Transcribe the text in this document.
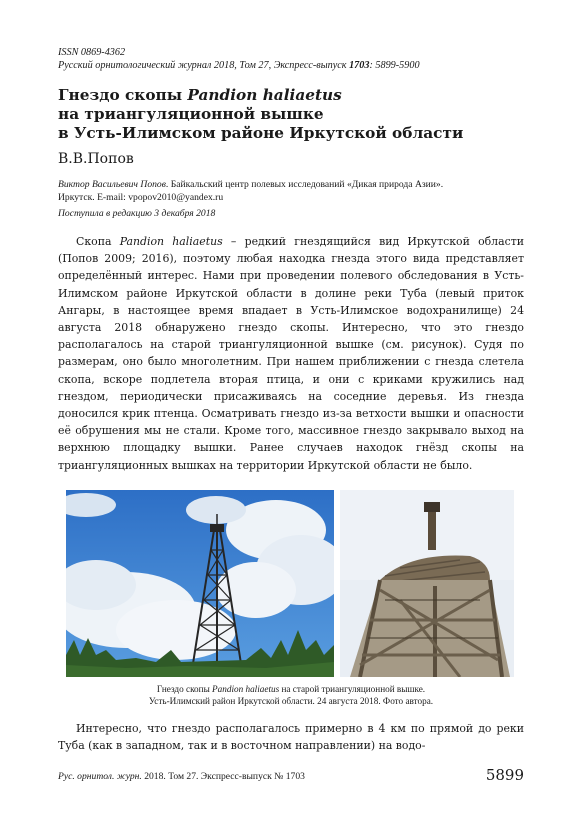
ISSN 0869-4362
Русский орнитологический журнал 2018, Том 27, Экспресс-выпуск 1703: 5899-5900
Гнездо скопы Pandion haliaetus
на триангуляционной вышке
в Усть-Илимском районе Иркутской области
В.В.Попов
Виктор Васильевич Попов. Байкальский центр полевых исследований «Дикая природа Азии».
Иркутск. E-mail: vpopov2010@yandex.ru
Поступила в редакцию 3 декабря 2018

Скопа Pandion haliaetus – редкий гнездящийся вид Иркутской области (Попов 2009; 2016), поэтому любая находка гнезда этого вида представляет определённый интерес. Нами при проведении полевого обследования в Усть-Илимском районе Иркутской области в долине реки Туба (левый приток Ангары, в настоящее время впадает в Усть-Илимское водохранилище) 24 августа 2018 обнаружено гнездо скопы. Интересно, что это гнездо располагалось на старой триангуляционной вышке (см. рисунок). Судя по размерам, оно было многолетним. При нашем приближении с гнезда слетела скопа, вскоре подлетела вторая птица, и они с криками кружились над гнездом, периодически присаживаясь на соседние деревья. Из гнезда доносился крик птенца. Осматривать гнездо из-за ветхости вышки и опасности её обрушения мы не стали. Кроме того, массивное гнездо закрывало выход на верхнюю площадку вышки. Ранее случаев находок гнёзд скопы на триангуляционных вышках на территории Иркутской области не было.

Гнездо скопы Pandion haliaetus на старой триангуляционной вышке.
Усть-Илимский район Иркутской области. 24 августа 2018. Фото автора.

Интересно, что гнездо располагалось примерно в 4 км по прямой до реки Туба (как в западном, так и в восточном направлении) на водо-

Рус. орнитол. журн. 2018. Том 27. Экспресс-выпуск № 1703	5899
